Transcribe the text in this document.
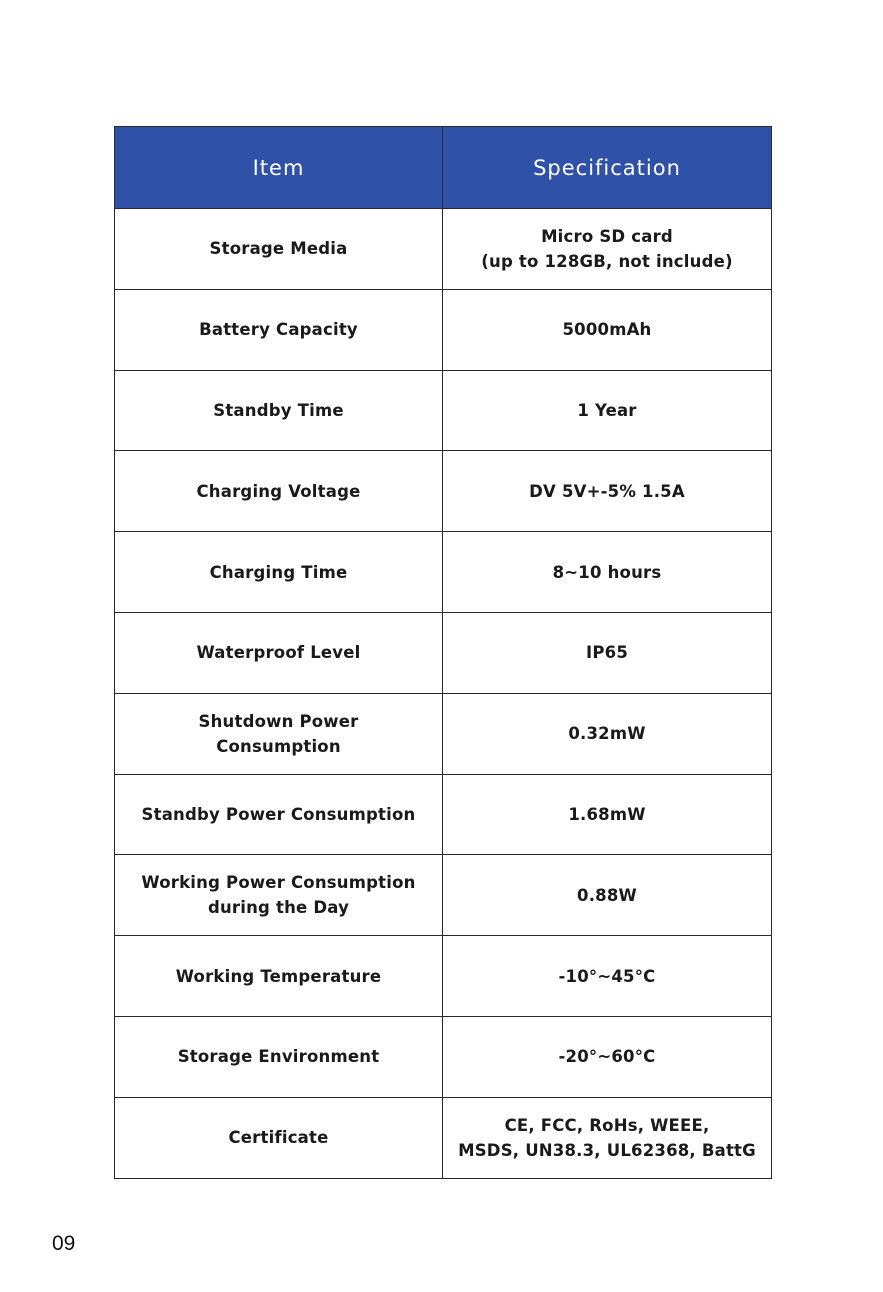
Item	Specification

Storage Media	Micro SD card
(up to 128GB, not include)

Battery Capacity	5000mAh

Standby Time	1 Year

Charging Voltage	DV 5V+-5% 1.5A

Charging Time	8~10 hours

Waterproof Level	IP65

Shutdown Power
Consumption	0.32mW

Standby Power Consumption	1.68mW

Working Power Consumption
during the Day	0.88W

Working Temperature	-10°~45°C

Storage Environment	-20°~60°C

Certificate	CE, FCC, RoHs, WEEE,
MSDS, UN38.3, UL62368, BattG
09
